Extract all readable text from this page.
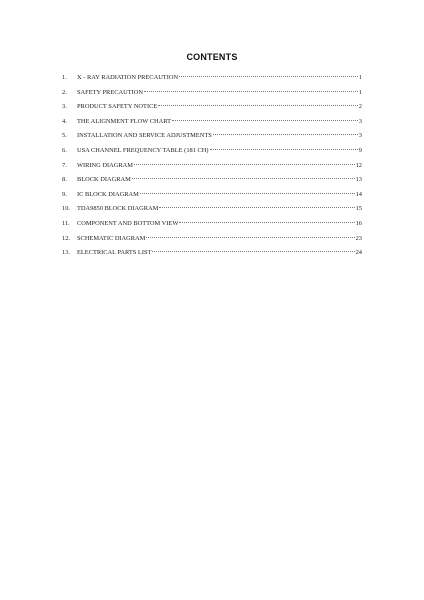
CONTENTS
1.	X - RAY RADIATION PRECAUTION	1
2.	SAFETY PRECAUTION	1
3.	PRODUCT SAFETY NOTICE	2
4.	THE ALIGNMENT FLOW CHART	3
5.	INSTALLATION AND SERVICE ADJUSTMENTS	3
6.	USA CHANNEL FREQUENCY TABLE (181 CH)	9
7.	WIRING DIAGRAM	12
8.	BLOCK DIAGRAM	13
9.	IC BLOCK DIAGRAM	14
10.	TDA9850 BLOCK DIAGRAM	15
11.	COMPONENT AND BOTTOM VIEW	16
12.	SCHEMATIC DIAGRAM	23
13.	ELECTRICAL PARTS LIST	24
